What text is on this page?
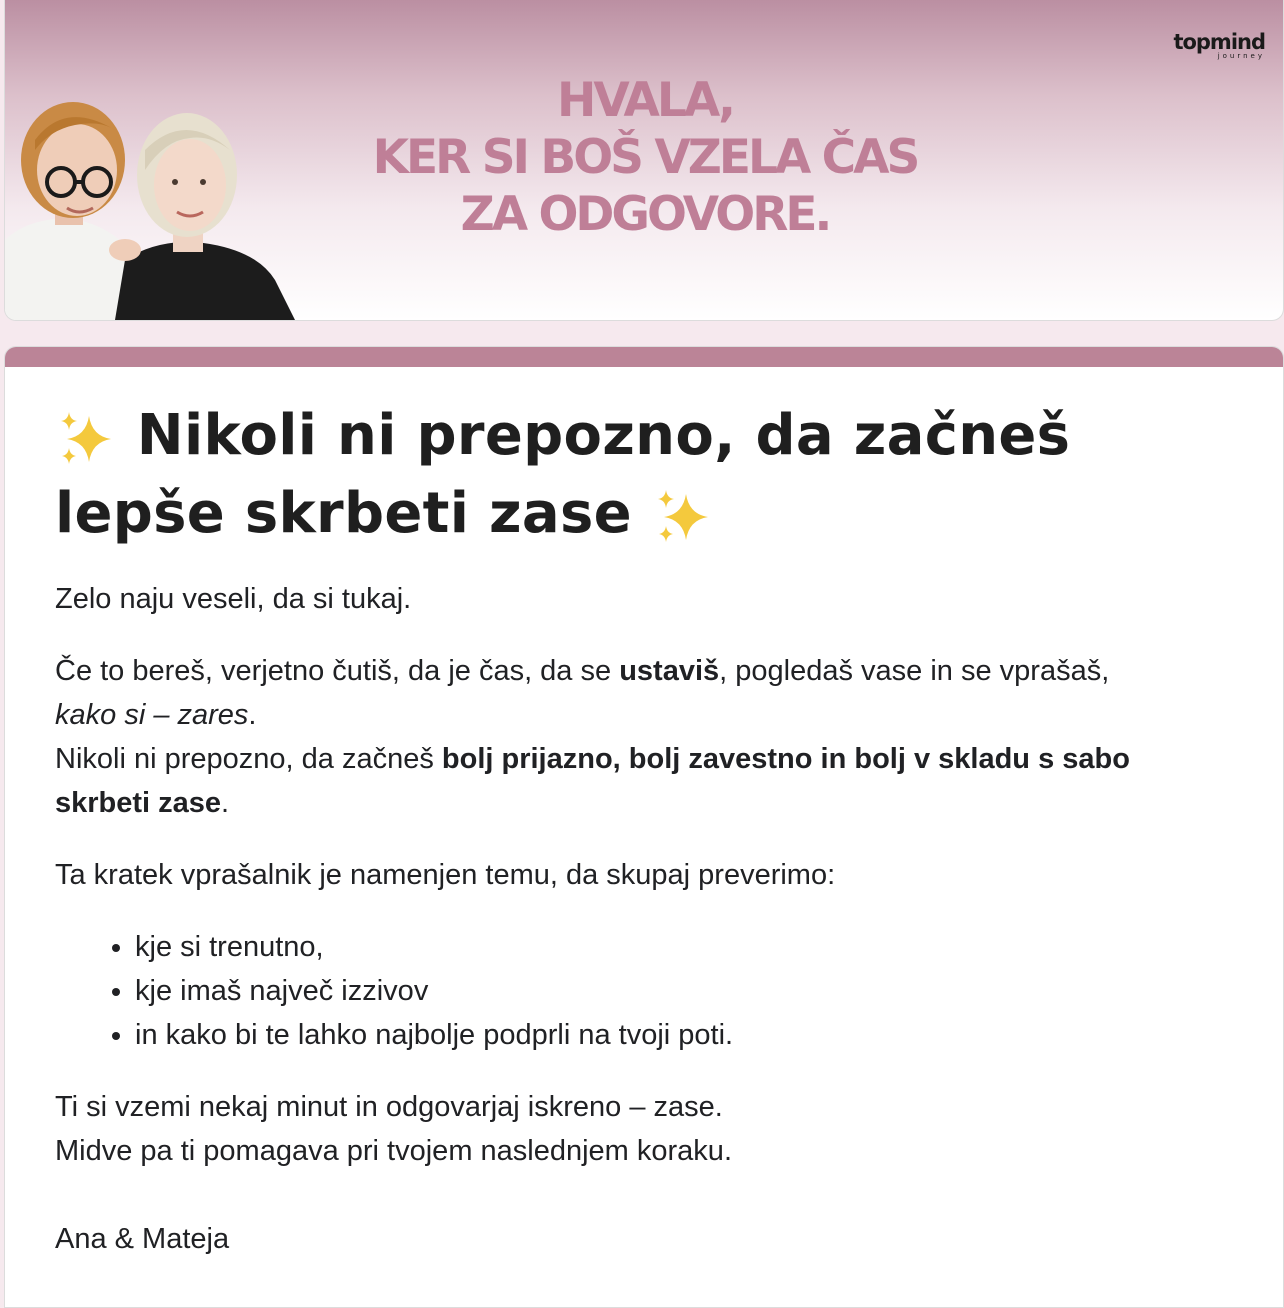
HVALA,
KER SI BOŠ VZELA ČAS
ZA ODGOVORE.
topmind
journey
Nikoli ni prepozno, da začneš
lepše skrbeti zase

Zelo naju veseli, da si tukaj.

Če to bereš, verjetno čutiš, da je čas, da se ustaviš, pogledaš vase in se vprašaš,
kako si – zares.
Nikoli ni prepozno, da začneš bolj prijazno, bolj zavestno in bolj v skladu s sabo skrbeti zase.

Ta kratek vprašalnik je namenjen temu, da skupaj preverimo:

• kje si trenutno,
• kje imaš največ izzivov
• in kako bi te lahko najbolje podprli na tvoji poti.

Ti si vzemi nekaj minut in odgovarjaj iskreno – zase.
Midve pa ti pomagava pri tvojem naslednjem koraku.

Ana & Mateja
